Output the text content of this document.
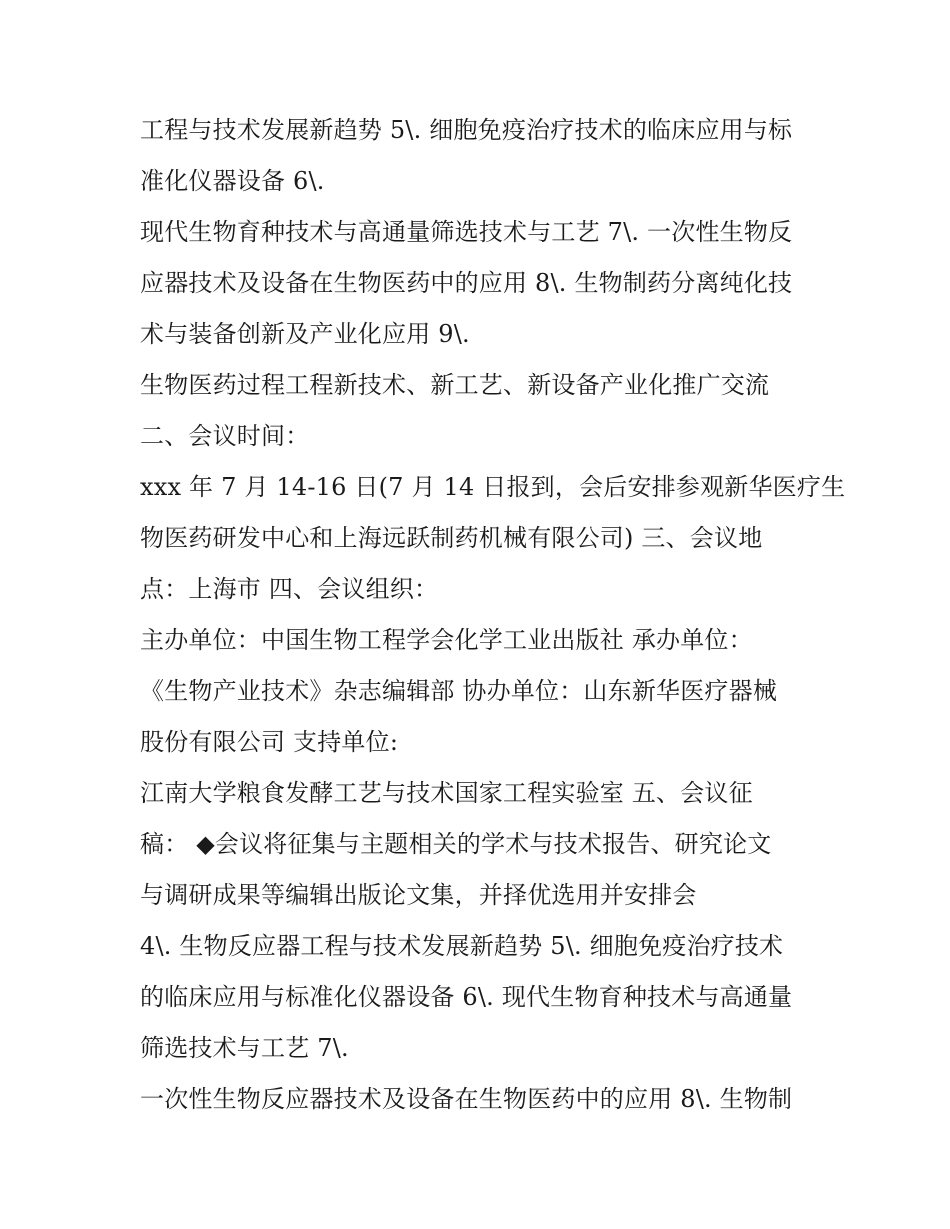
工程与技术发展新趋势 5\. 细胞免疫治疗技术的临床应用与标
准化仪器设备 6\.
现代生物育种技术与高通量筛选技术与工艺 7\. 一次性生物反
应器技术及设备在生物医药中的应用 8\. 生物制药分离纯化技
术与装备创新及产业化应用 9\.
生物医药过程工程新技术、新工艺、新设备产业化推广交流
二、会议时间：
xxx 年 7 月 14-16 日(7 月 14 日报到，会后安排参观新华医疗生
物医药研发中心和上海远跃制药机械有限公司) 三、会议地
点：上海市 四、会议组织：
主办单位：中国生物工程学会化学工业出版社 承办单位：
《生物产业技术》杂志编辑部 协办单位：山东新华医疗器械
股份有限公司 支持单位:
江南大学粮食发酵工艺与技术国家工程实验室 五、会议征
稿： ◆会议将征集与主题相关的学术与技术报告、研究论文
与调研成果等编辑出版论文集，并择优选用并安排会
4\. 生物反应器工程与技术发展新趋势 5\. 细胞免疫治疗技术
的临床应用与标准化仪器设备 6\. 现代生物育种技术与高通量
筛选技术与工艺 7\.
一次性生物反应器技术及设备在生物医药中的应用 8\. 生物制
